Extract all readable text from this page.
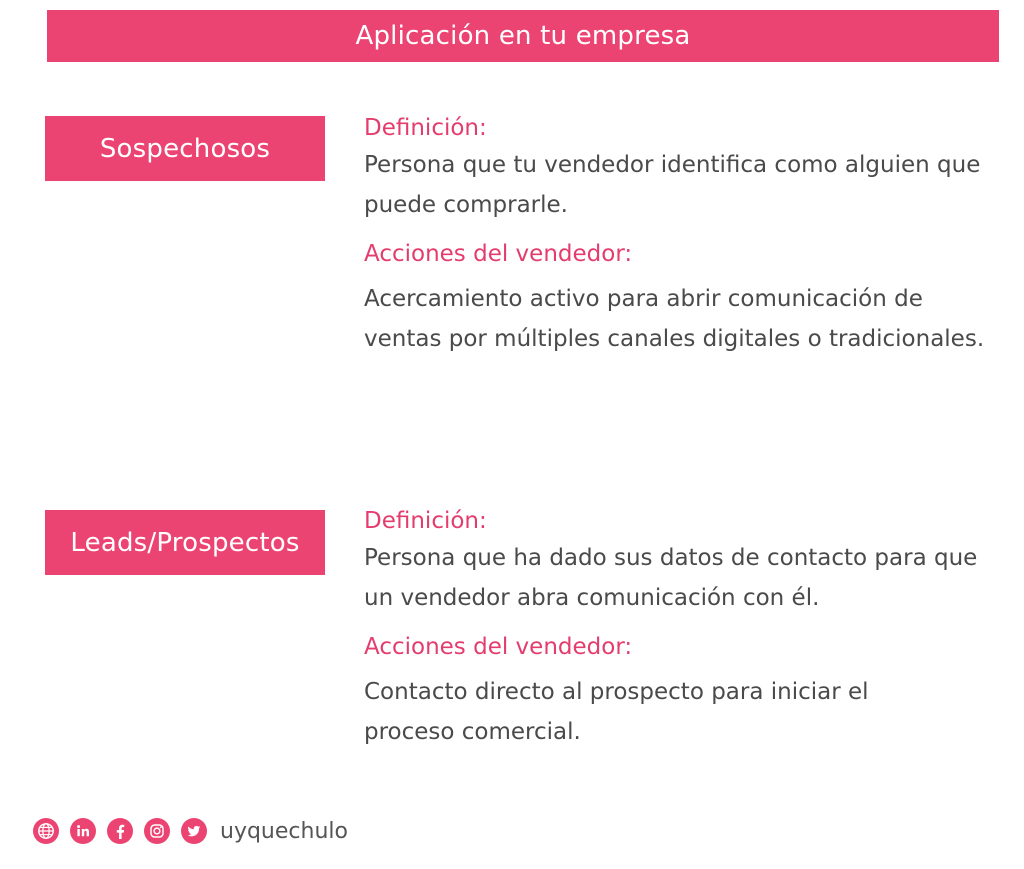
Aplicación en tu empresa
Sospechosos

Definición:

Persona que tu vendedor identifica como alguien que puede comprarle.

Acciones del vendedor:

Acercamiento activo para abrir comunicación de ventas por múltiples canales digitales o tradicionales.

Leads/Prospectos

Definición:

Persona que ha dado sus datos de contacto para que un vendedor abra comunicación con él.

Acciones del vendedor:

Contacto directo al prospecto para iniciar el proceso comercial.

uyquechulo
